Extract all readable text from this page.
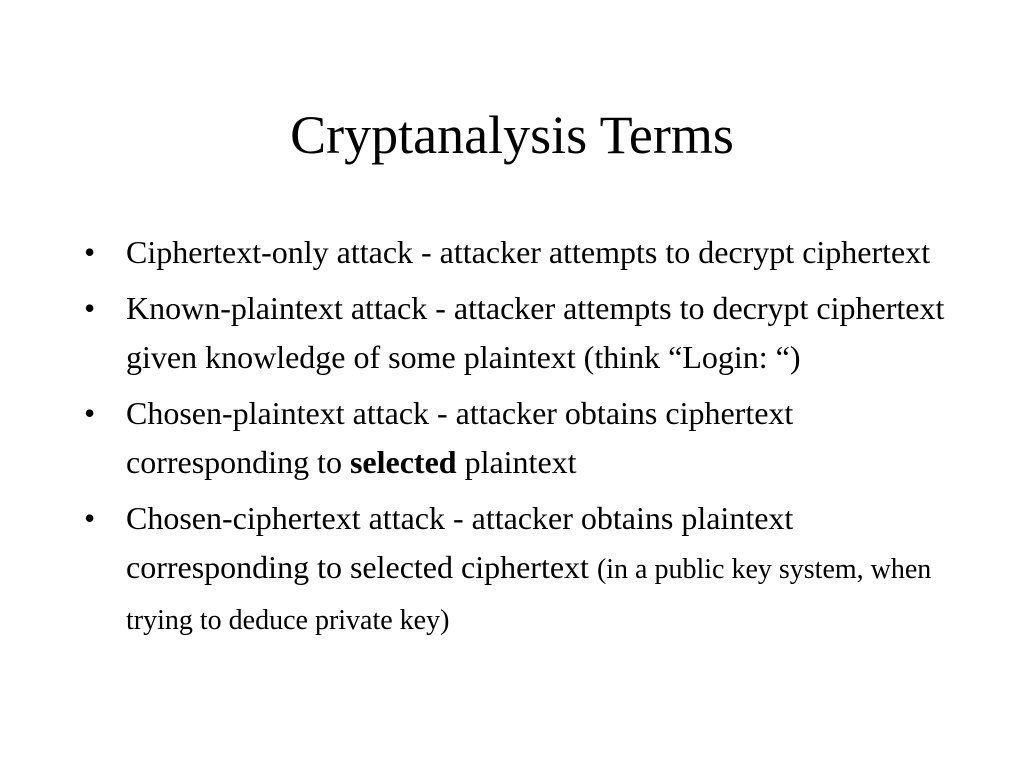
Cryptanalysis Terms
• Ciphertext-only attack - attacker attempts to decrypt ciphertext
• Known-plaintext attack - attacker attempts to decrypt ciphertext given knowledge of some plaintext (think “Login: “)
• Chosen-plaintext attack - attacker obtains ciphertext corresponding to selected plaintext
• Chosen-ciphertext attack - attacker obtains plaintext corresponding to selected ciphertext (in a public key system, when trying to deduce private key)
